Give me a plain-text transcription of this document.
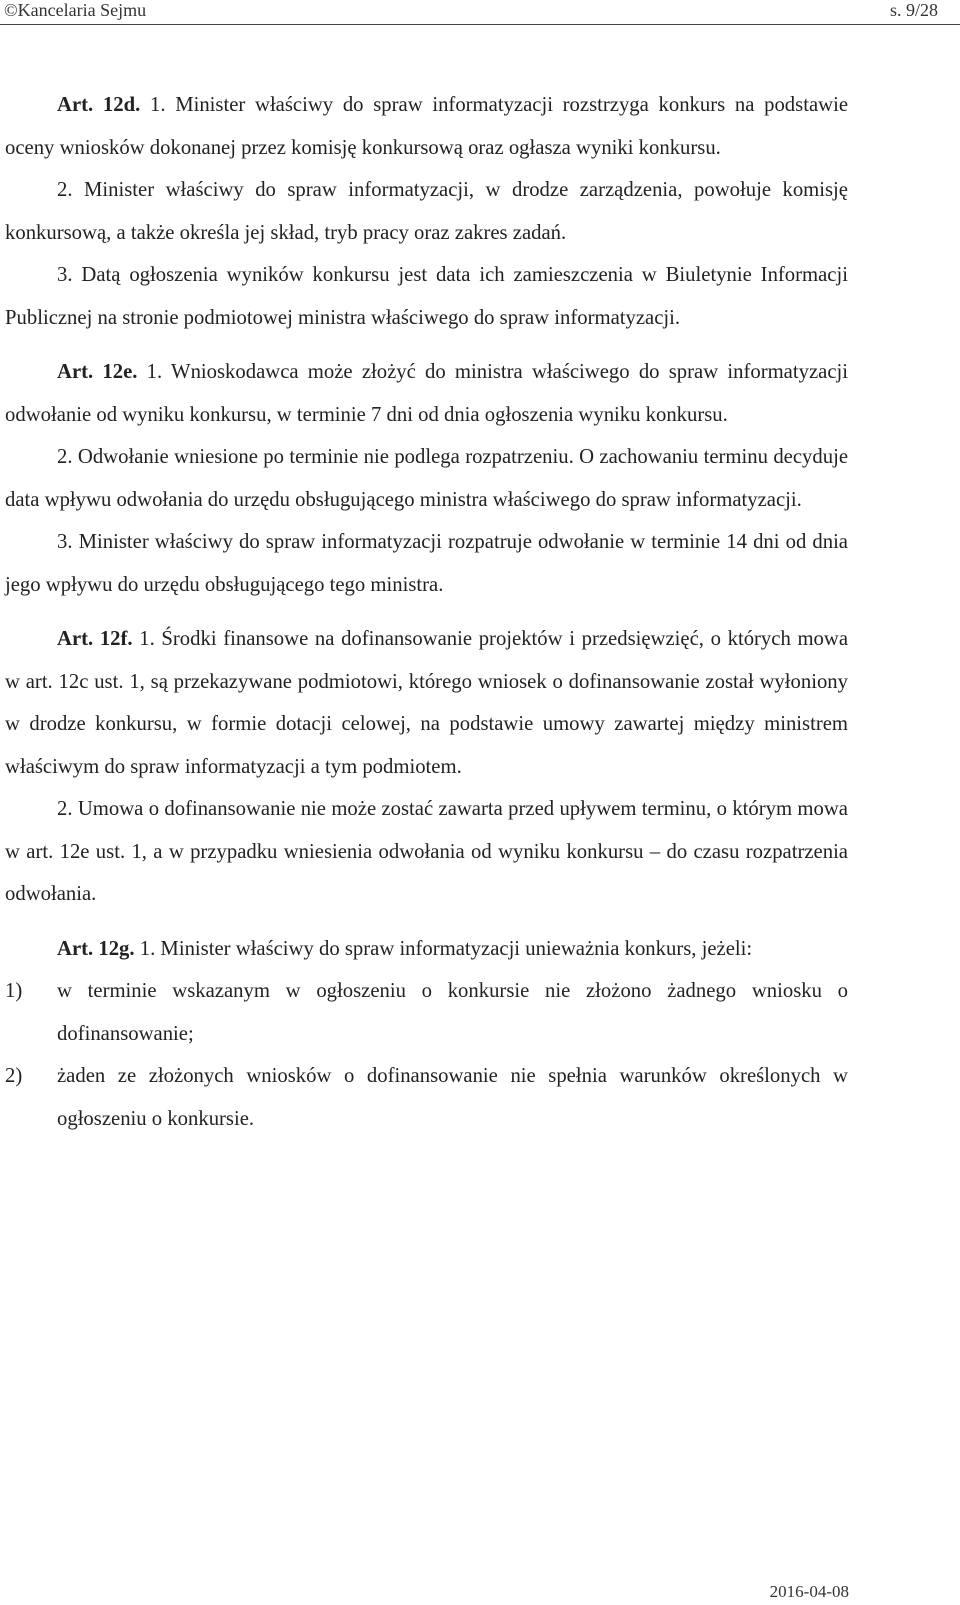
©Kancelaria Sejmu	s. 9/28

Art. 12d. 1. Minister właściwy do spraw informatyzacji rozstrzyga konkurs na podstawie oceny wniosków dokonanej przez komisję konkursową oraz ogłasza wyniki konkursu.

2. Minister właściwy do spraw informatyzacji, w drodze zarządzenia, powołuje komisję konkursową, a także określa jej skład, tryb pracy oraz zakres zadań.

3. Datą ogłoszenia wyników konkursu jest data ich zamieszczenia w Biuletynie Informacji Publicznej na stronie podmiotowej ministra właściwego do spraw informatyzacji.

Art. 12e. 1. Wnioskodawca może złożyć do ministra właściwego do spraw informatyzacji odwołanie od wyniku konkursu, w terminie 7 dni od dnia ogłoszenia wyniku konkursu.

2. Odwołanie wniesione po terminie nie podlega rozpatrzeniu. O zachowaniu terminu decyduje data wpływu odwołania do urzędu obsługującego ministra właściwego do spraw informatyzacji.

3. Minister właściwy do spraw informatyzacji rozpatruje odwołanie w terminie 14 dni od dnia jego wpływu do urzędu obsługującego tego ministra.

Art. 12f. 1. Środki finansowe na dofinansowanie projektów i przedsięwzięć, o których mowa w art. 12c ust. 1, są przekazywane podmiotowi, którego wniosek o dofinansowanie został wyłoniony w drodze konkursu, w formie dotacji celowej, na podstawie umowy zawartej między ministrem właściwym do spraw informatyzacji a tym podmiotem.

2. Umowa o dofinansowanie nie może zostać zawarta przed upływem terminu, o którym mowa w art. 12e ust. 1, a w przypadku wniesienia odwołania od wyniku konkursu – do czasu rozpatrzenia odwołania.

Art. 12g. 1. Minister właściwy do spraw informatyzacji unieważnia konkurs, jeżeli:

1)	w terminie wskazanym w ogłoszeniu o konkursie nie złożono żadnego wniosku o dofinansowanie;
2)	żaden ze złożonych wniosków o dofinansowanie nie spełnia warunków określonych w ogłoszeniu o konkursie.
2016-04-08
